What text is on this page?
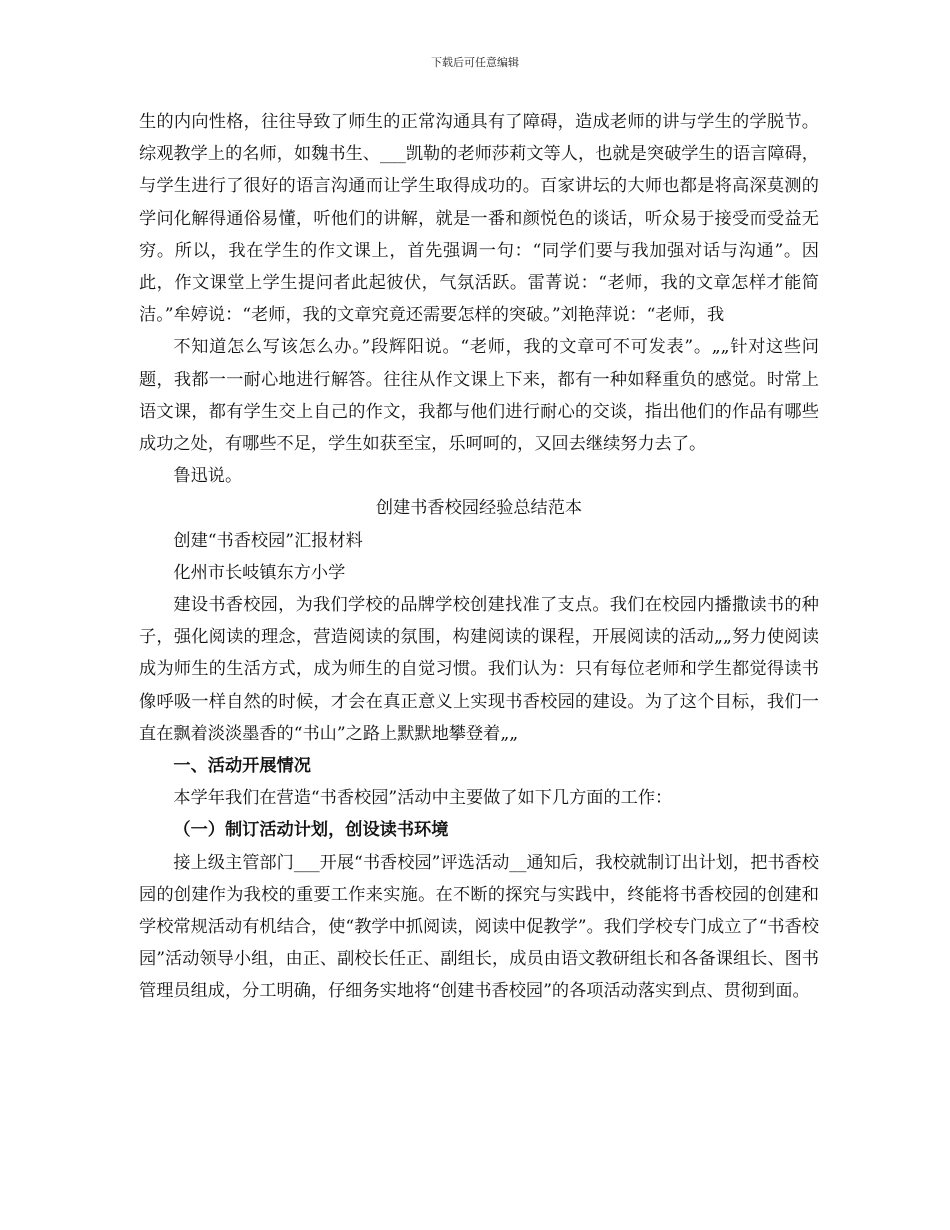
下载后可任意编辑

生的内向性格，往往导致了师生的正常沟通具有了障碍，造成老师的讲与学生的学脱节。综观教学上的名师，如魏书生、___凯勒的老师莎莉文等人，也就是突破学生的语言障碍，与学生进行了很好的语言沟通而让学生取得成功的。百家讲坛的大师也都是将高深莫测的学问化解得通俗易懂，听他们的讲解，就是一番和颜悦色的谈话，听众易于接受而受益无穷。所以，我在学生的作文课上，首先强调一句：“同学们要与我加强对话与沟通”。因此，作文课堂上学生提问者此起彼伏，气氛活跃。雷菁说：“老师，我的文章怎样才能简洁。”牟婷说：“老师，我的文章究竟还需要怎样的突破。”刘艳萍说：“老师，我

不知道怎么写该怎么办。”段辉阳说。“老师，我的文章可不可发表”。„„针对这些问题，我都一一耐心地进行解答。往往从作文课上下来，都有一种如释重负的感觉。时常上语文课，都有学生交上自己的作文，我都与他们进行耐心的交谈，指出他们的作品有哪些成功之处，有哪些不足，学生如获至宝，乐呵呵的，又回去继续努力去了。

鲁迅说。

创建书香校园经验总结范本

创建“书香校园”汇报材料

化州市长岐镇东方小学

建设书香校园，为我们学校的品牌学校创建找准了支点。我们在校园内播撒读书的种子，强化阅读的理念，营造阅读的氛围，构建阅读的课程，开展阅读的活动„„努力使阅读成为师生的生活方式，成为师生的自觉习惯。我们认为：只有每位老师和学生都觉得读书像呼吸一样自然的时候，才会在真正意义上实现书香校园的建设。为了这个目标，我们一直在飘着淡淡墨香的“书山”之路上默默地攀登着„„

一、活动开展情况

本学年我们在营造“书香校园”活动中主要做了如下几方面的工作：

（一）制订活动计划，创设读书环境

接上级主管部门___开展“书香校园”评选活动__通知后，我校就制订出计划，把书香校园的创建作为我校的重要工作来实施。在不断的探究与实践中，终能将书香校园的创建和学校常规活动有机结合，使“教学中抓阅读，阅读中促教学”。我们学校专门成立了“书香校园”活动领导小组，由正、副校长任正、副组长，成员由语文教研组长和各备课组长、图书管理员组成，分工明确，仔细务实地将“创建书香校园”的各项活动落实到点、贯彻到面。
